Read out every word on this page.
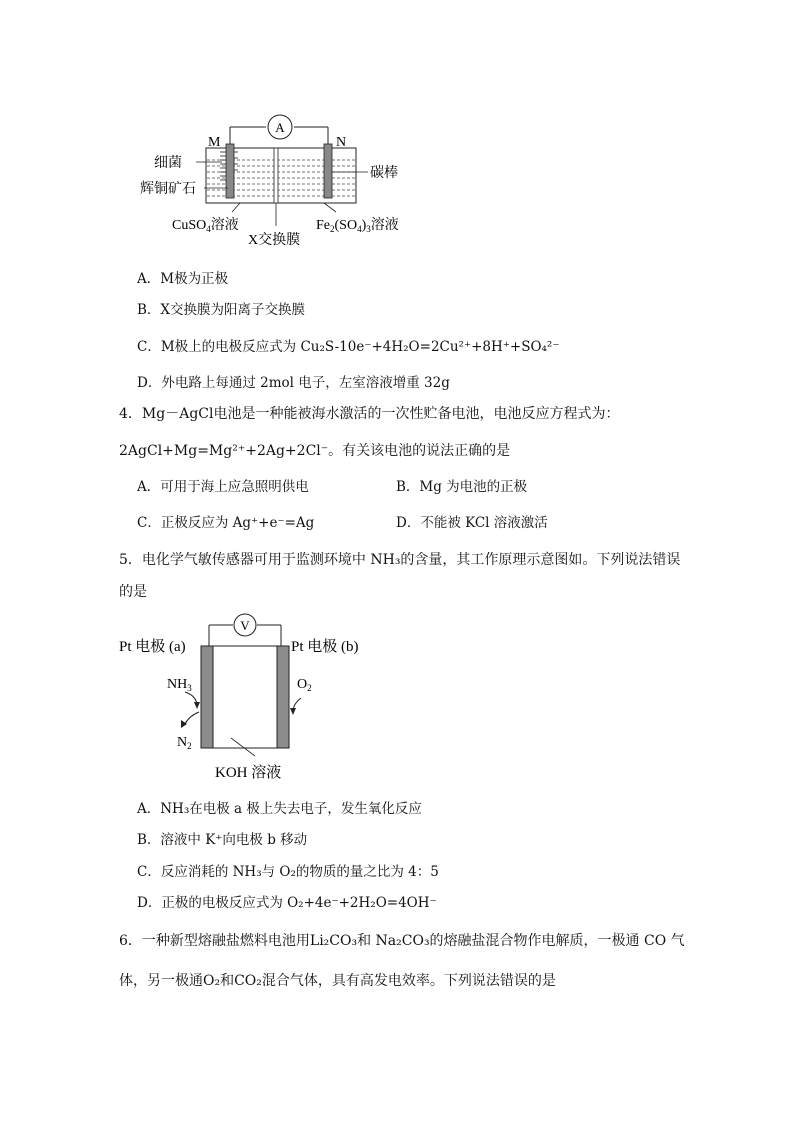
A
M	N
细菌
辉铜矿石
碳棒
CuSO$_4$溶液
X交换膜
$Fe_2(SO_4)_3$溶液
A．M极为正极
B．X交换膜为阳离子交换膜
C．M极上的电极反应式为 Cu₂S-10e⁻+4H₂O=2Cu²⁺+8H⁺+SO₄²⁻
D．外电路上每通过 2mol 电子，左室溶液增重 32g
4．Mg－AgCl电池是一种能被海水激活的一次性贮备电池，电池反应方程式为：
2AgCl+Mg=Mg²⁺+2Ag+2Cl⁻。有关该电池的说法正确的是
A．可用于海上应急照明供电	B．Mg 为电池的正极
C．正极反应为 Ag⁺+e⁻=Ag	D．不能被 KCl 溶液激活
5．电化学气敏传感器可用于监测环境中 NH₃的含量，其工作原理示意图如。下列说法错误
的是
V
Pt 电极 (a)	Pt 电极 (b)
$NH_3$
$N_2$
$O_2$
KOH 溶液
A．NH₃在电极 a 极上失去电子，发生氧化反应
B．溶液中 K⁺向电极 b 移动
C．反应消耗的 NH₃与 O₂的物质的量之比为 4：5
D．正极的电极反应式为 O₂+4e⁻+2H₂O=4OH⁻
6．一种新型熔融盐燃料电池用Li₂CO₃和 Na₂CO₃的熔融盐混合物作电解质，一极通 CO 气
体，另一极通O₂和CO₂混合气体，具有高发电效率。下列说法错误的是
